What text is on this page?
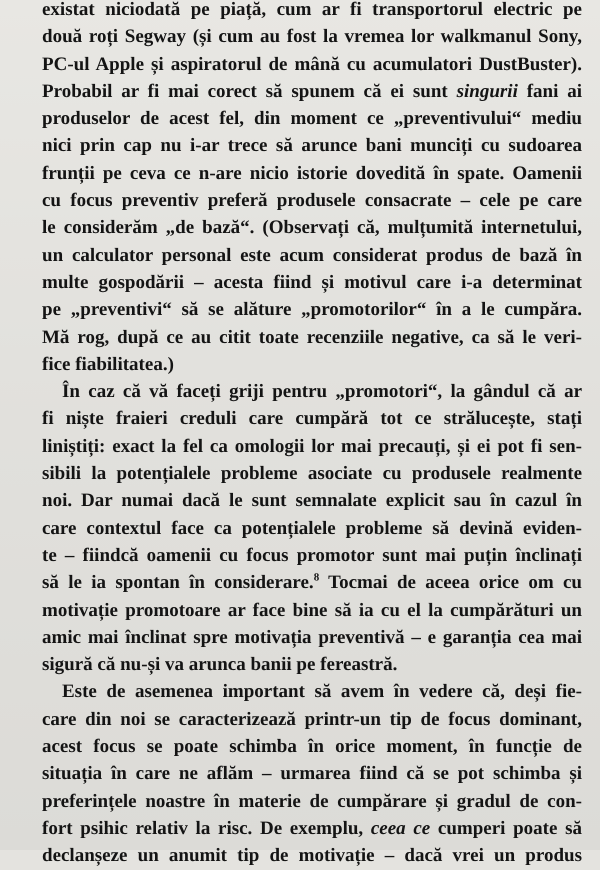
existat niciodată pe piață, cum ar fi transportorul electric pe
două roți Segway (și cum au fost la vremea lor walkmanul Sony,
PC-ul Apple și aspiratorul de mână cu acumulatori DustBuster).
Probabil ar fi mai corect să spunem că ei sunt singurii fani ai
produselor de acest fel, din moment ce „preventivului“ mediu
nici prin cap nu i-ar trece să arunce bani munciți cu sudoarea
frunții pe ceva ce n-are nicio istorie dovedită în spate. Oamenii
cu focus preventiv preferă produsele consacrate – cele pe care
le considerăm „de bază“. (Observați că, mulțumită internetului,
un calculator personal este acum considerat produs de bază în
multe gospodării – acesta fiind și motivul care i-a determinat
pe „preventivi“ să se alăture „promotorilor“ în a le cumpăra.
Mă rog, după ce au citit toate recenziile negative, ca să le veri-
fice fiabilitatea.)

În caz că vă faceți griji pentru „promotori“, la gândul că ar
fi niște fraieri creduli care cumpără tot ce strălucește, stați
liniștiți: exact la fel ca omologii lor mai precauți, și ei pot fi sen-
sibili la potențialele probleme asociate cu produsele realmente
noi. Dar numai dacă le sunt semnalate explicit sau în cazul în
care contextul face ca potențialele probleme să devină eviden-
te – fiindcă oamenii cu focus promotor sunt mai puțin înclinați
să le ia spontan în considerare.$^8$ Tocmai de aceea orice om cu
motivație promotoare ar face bine să ia cu el la cumpărături un
amic mai înclinat spre motivația preventivă – e garanția cea mai
sigură că nu-și va arunca banii pe fereastră.

Este de asemenea important să avem în vedere că, deși fie-
care din noi se caracterizează printr-un tip de focus dominant,
acest focus se poate schimba în orice moment, în funcție de
situația în care ne aflăm – urmarea fiind că se pot schimba și
preferințele noastre în materie de cumpărare și gradul de con-
fort psihic relativ la risc. De exemplu, ceea ce cumperi poate să
declanșeze un anumit tip de motivație – dacă vrei un produs
